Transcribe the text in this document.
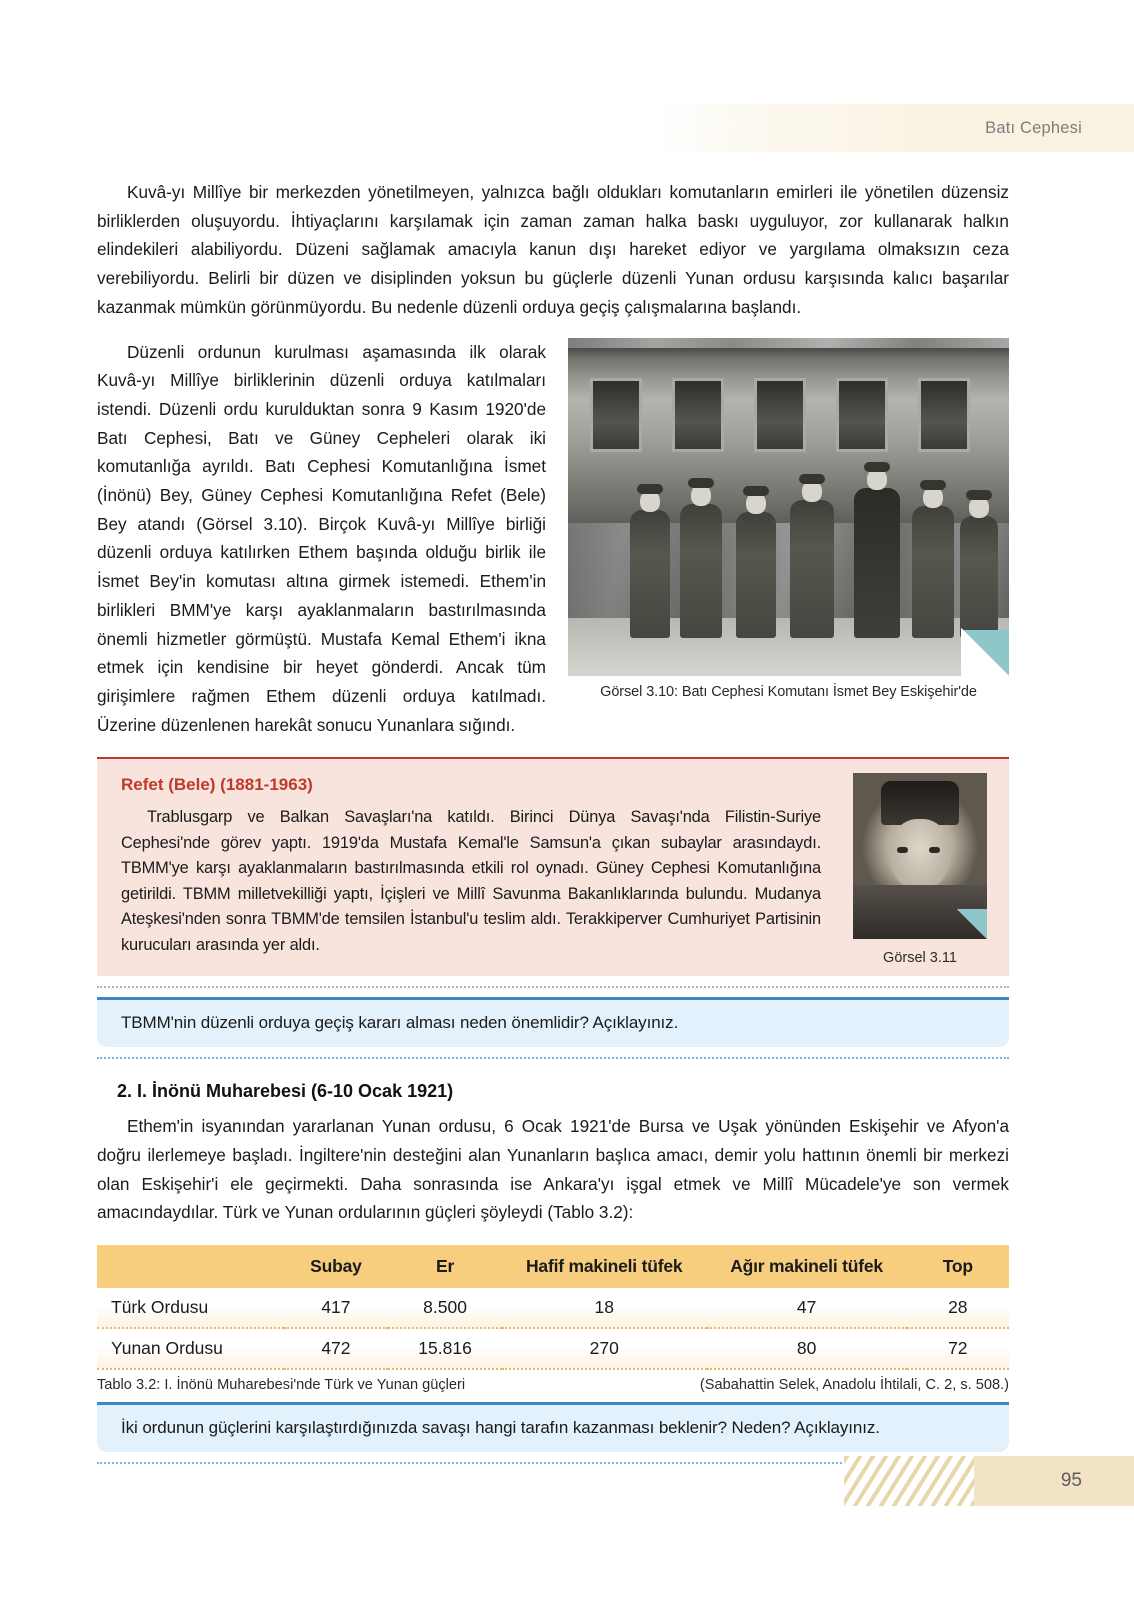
Batı Cephesi

Kuvâ-yı Millîye bir merkezden yönetilmeyen, yalnızca bağlı oldukları komutanların emirleri ile yönetilen düzensiz birliklerden oluşuyordu. İhtiyaçlarını karşılamak için zaman zaman halka baskı uyguluyor, zor kullanarak halkın elindekileri alabiliyordu. Düzeni sağlamak amacıyla kanun dışı hareket ediyor ve yargılama olmaksızın ceza verebiliyordu. Belirli bir düzen ve disiplinden yoksun bu güçlerle düzenli Yunan ordusu karşısında kalıcı başarılar kazanmak mümkün görünmüyordu. Bu nedenle düzenli orduya geçiş çalışmalarına başlandı.

Görsel 3.10: Batı Cephesi Komutanı İsmet Bey Eskişehir'de
Düzenli ordunun kurulması aşamasında ilk olarak Kuvâ-yı Millîye birliklerinin düzenli orduya katılmaları istendi. Düzenli ordu kurulduktan sonra 9 Kasım 1920'de Batı Cephesi, Batı ve Güney Cepheleri olarak iki komutanlığa ayrıldı. Batı Cephesi Komutanlığına İsmet (İnönü) Bey, Güney Cephesi Komutanlığına Refet (Bele) Bey atandı (Görsel 3.10). Birçok Kuvâ-yı Millîye birliği düzenli orduya katılırken Ethem başında olduğu birlik ile İsmet Bey'in komutası altına girmek istemedi. Ethem'in birlikleri BMM'ye karşı ayaklanmaların bastırılmasında önemli hizmetler görmüştü. Mustafa Kemal Ethem'i ikna etmek için kendisine bir heyet gönderdi. Ancak tüm girişimlere rağmen Ethem düzenli orduya katılmadı. Üzerine düzenlenen harekât sonucu Yunanlara sığındı.
Refet (Bele) (1881-1963)
Trablusgarp ve Balkan Savaşları'na katıldı. Birinci Dünya Savaşı'nda Filistin-Suriye Cephesi'nde görev yaptı. 1919'da Mustafa Kemal'le Samsun'a çıkan subaylar arasındaydı. TBMM'ye karşı ayaklanmaların bastırılmasında etkili rol oynadı. Güney Cephesi Komutanlığına getirildi. TBMM milletvekilliği yaptı, İçişleri ve Millî Savunma Bakanlıklarında bulundu. Mudanya Ateşkesi'nden sonra TBMM'de temsilen İstanbul'u teslim aldı. Terakkiperver Cumhuriyet Partisinin kurucuları arasında yer aldı.
Görsel 3.11
TBMM'nin düzenli orduya geçiş kararı alması neden önemlidir? Açıklayınız.
2. I. İnönü Muharebesi (6-10 Ocak 1921)

Ethem'in isyanından yararlanan Yunan ordusu, 6 Ocak 1921'de Bursa ve Uşak yönünden Eskişehir ve Afyon'a doğru ilerlemeye başladı. İngiltere'nin desteğini alan Yunanların başlıca amacı, demir yolu hattının önemli bir merkezi olan Eskişehir'i ele geçirmekti. Daha sonrasında ise Ankara'yı işgal etmek ve Millî Mücadele'ye son vermek amacındaydılar. Türk ve Yunan ordularının güçleri şöyleydi (Tablo 3.2):

	Subay	Er	Hafif makineli tüfek	Ağır makineli tüfek	Top
Türk Ordusu	417	8.500	18	47	28
Yunan Ordusu	472	15.816	270	80	72
Tablo 3.2: I. İnönü Muharebesi'nde Türk ve Yunan güçleri	(Sabahattin Selek, Anadolu İhtilali, C. 2, s. 508.)
İki ordunun güçlerini karşılaştırdığınızda savaşı hangi tarafın kazanması beklenir? Neden? Açıklayınız.
95
